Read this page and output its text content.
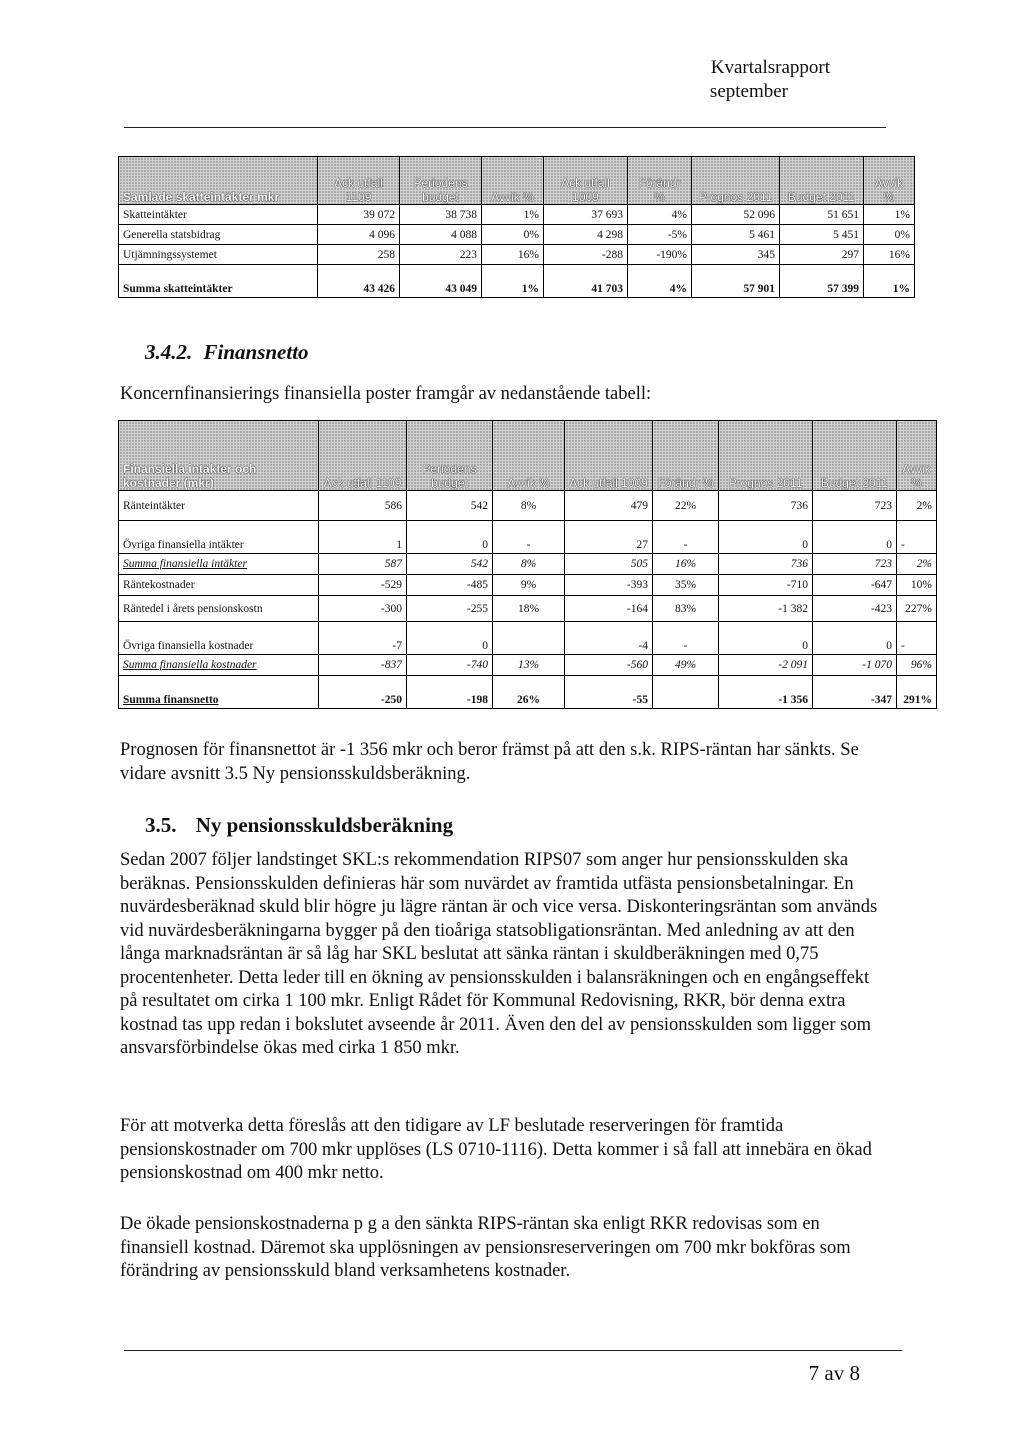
Kvartalsrapport
september
Samlade skatteintäkter mkr	Ack utfall 1109	Periodens budget	Avvik %	Ack utfall 1009	Förändr %	Prognos 2011	Budget 2011	Avvik %
Skatteintäkter	39 072	38 738	1%	37 693	4%	52 096	51 651	1%
Generella statsbidrag	4 096	4 088	0%	4 298	-5%	5 461	5 451	0%
Utjämningssystemet	258	223	16%	-288	-190%	345	297	16%
Summa skatteintäkter	43 426	43 049	1%	41 703	4%	57 901	57 399	1%
3.4.2. Finansnetto
Koncernfinansierings finansiella poster framgår av nedanstående tabell:
Finansiella intäkter och kostnader (mkr)	Ack utfall 1109	Periodens budget	Avvik %	Ack utfall 1009	Förändr %	Prognos 2011	Budget 2011	Avvik %
Ränteintäkter	586	542	8%	479	22%	736	723	2%
Övriga finansiella intäkter	1	0	-	27	-	0	0	-
Summa finansiella intäkter	587	542	8%	505	16%	736	723	2%
Räntekostnader	-529	-485	9%	-393	35%	-710	-647	10%
Räntedel i årets pensionskostn	-300	-255	18%	-164	83%	-1 382	-423	227%
Övriga finansiella kostnader	-7	0		-4	-	0	0	-
Summa finansiella kostnader	-837	-740	13%	-560	49%	-2 091	-1 070	96%
Summa finansnetto	-250	-198	26%	-55		-1 356	-347	291%
Prognosen för finansnettot är -1 356 mkr och beror främst på att den s.k. RIPS-räntan har sänkts. Se vidare avsnitt 3.5 Ny pensionsskuldsberäkning.
3.5. Ny pensionsskuldsberäkning
Sedan 2007 följer landstinget SKL:s rekommendation RIPS07 som anger hur pensionsskulden ska beräknas. Pensionsskulden definieras här som nuvärdet av framtida utfästa pensionsbetalningar. En nuvärdesberäknad skuld blir högre ju lägre räntan är och vice versa. Diskonteringsräntan som används vid nuvärdesberäkningarna bygger på den tioåriga statsobligationsräntan. Med anledning av att den långa marknadsräntan är så låg har SKL beslutat att sänka räntan i skuldberäkningen med 0,75 procentenheter. Detta leder till en ökning av pensionsskulden i balansräkningen och en engångseffekt på resultatet om cirka 1 100 mkr. Enligt Rådet för Kommunal Redovisning, RKR, bör denna extra kostnad tas upp redan i bokslutet avseende år 2011. Även den del av pensionsskulden som ligger som ansvarsförbindelse ökas med cirka 1 850 mkr.
För att motverka detta föreslås att den tidigare av LF beslutade reserveringen för framtida pensionskostnader om 700 mkr upplöses (LS 0710-1116). Detta kommer i så fall att innebära en ökad pensionskostnad om 400 mkr netto.
De ökade pensionskostnaderna p g a den sänkta RIPS-räntan ska enligt RKR redovisas som en finansiell kostnad. Däremot ska upplösningen av pensionsreserveringen om 700 mkr bokföras som förändring av pensionsskuld bland verksamhetens kostnader.
7 av 8
